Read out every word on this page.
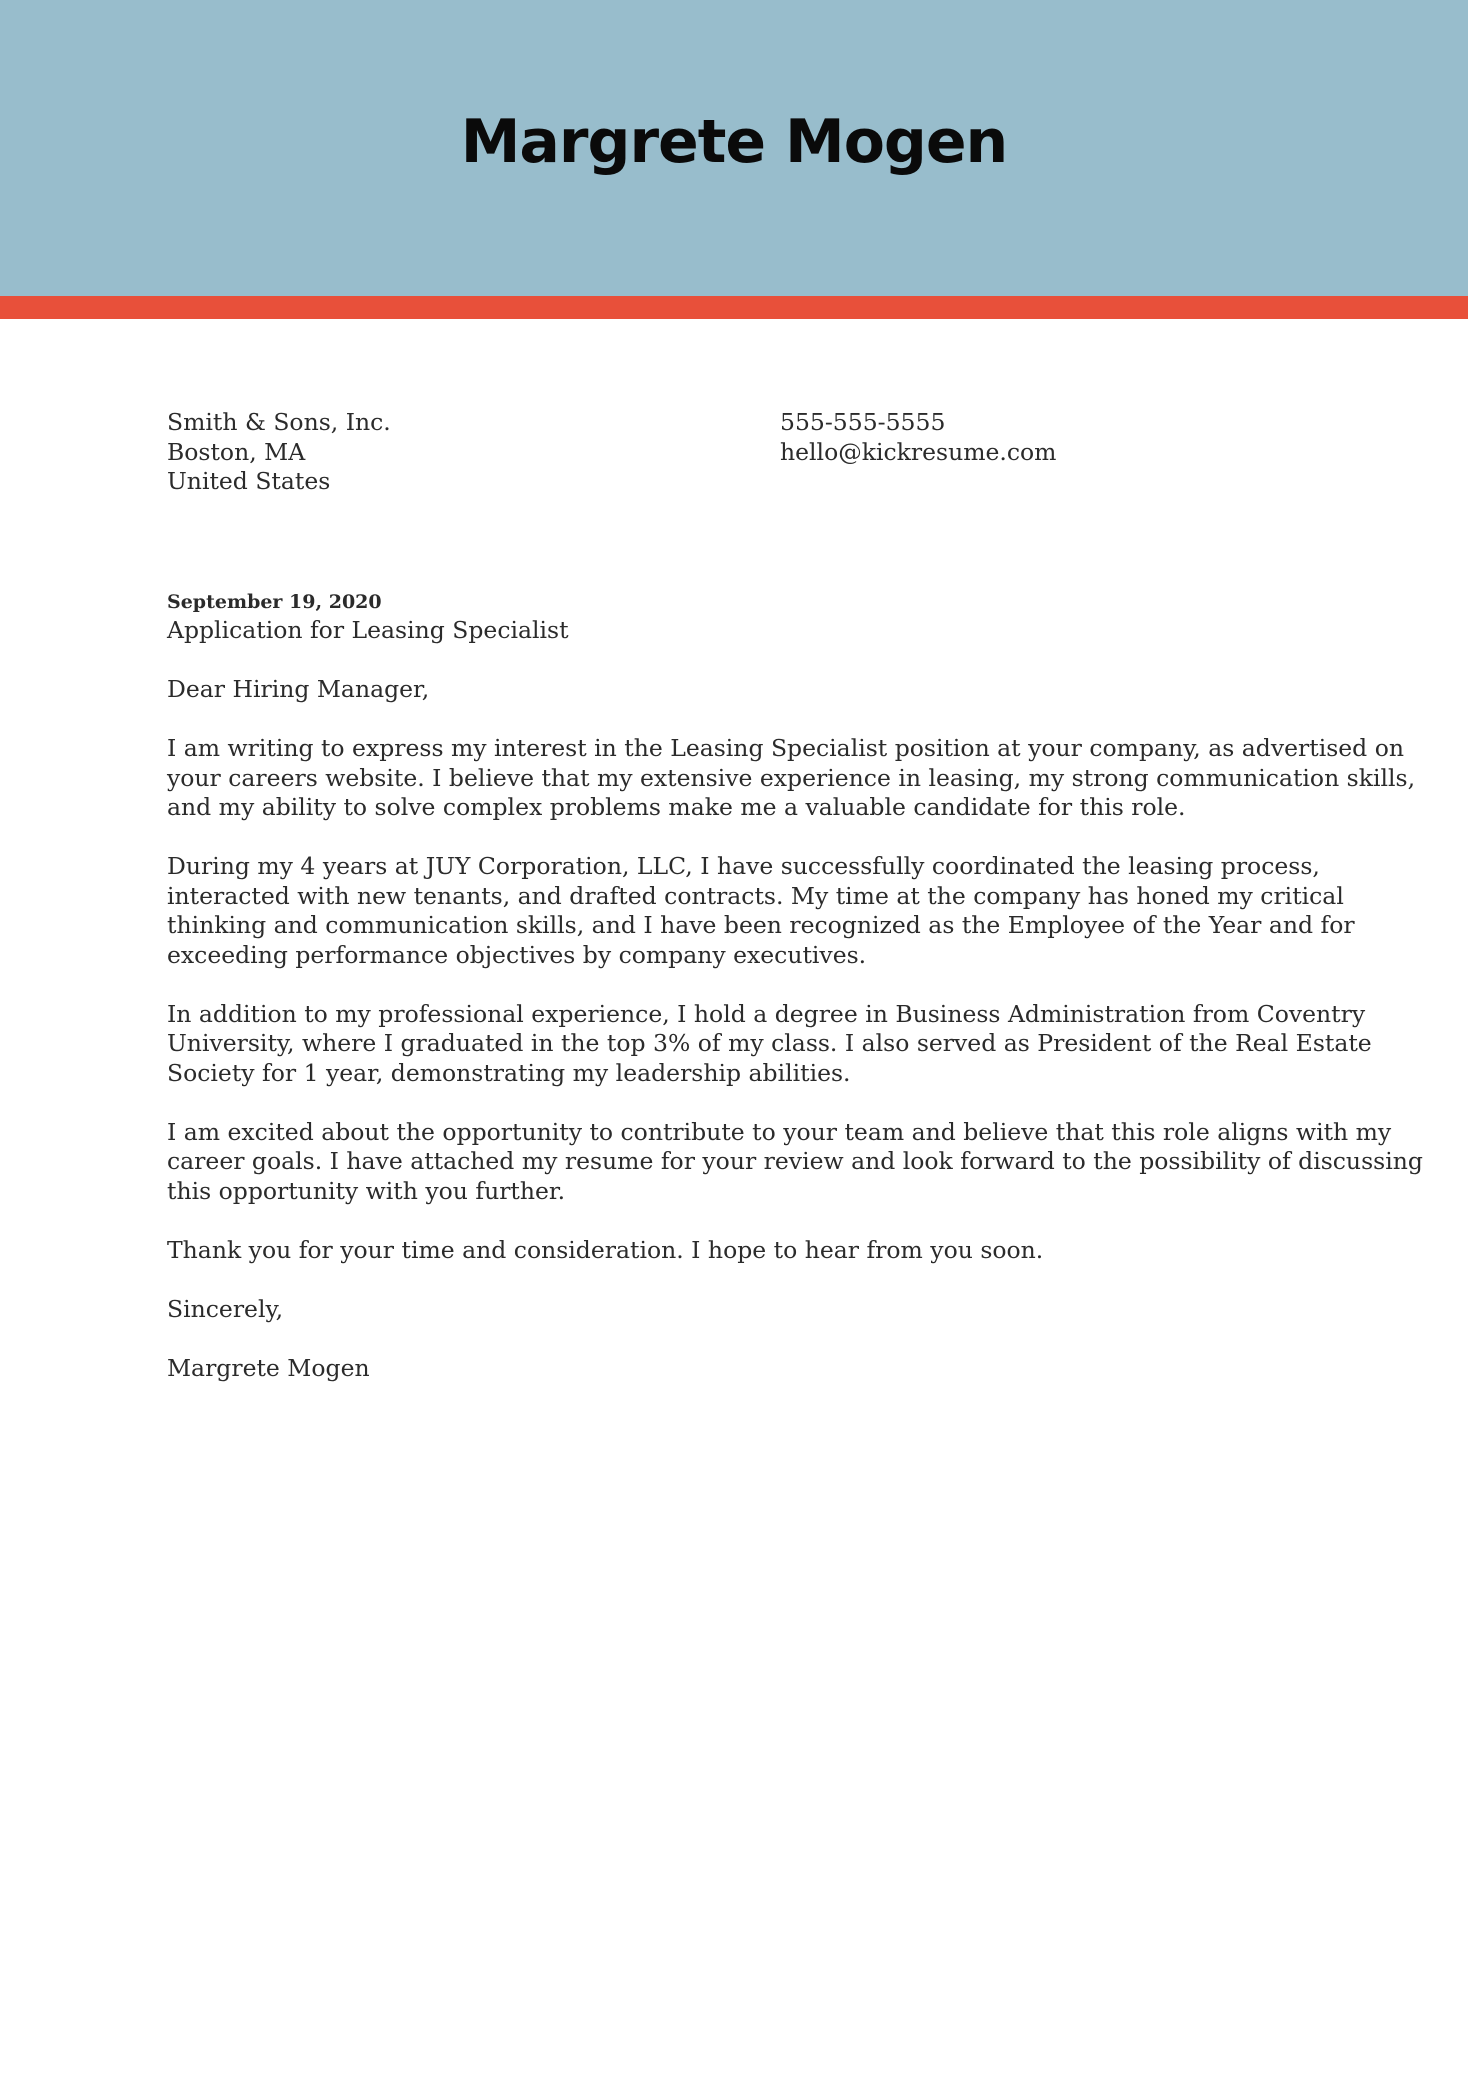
Margrete Mogen
Smith & Sons, Inc.
Boston, MA
United States
555-555-5555
hello@kickresume.com
September 19, 2020
Application for Leasing Specialist

Dear Hiring Manager,

I am writing to express my interest in the Leasing Specialist position at your company, as advertised on
your careers website. I believe that my extensive experience in leasing, my strong communication skills,
and my ability to solve complex problems make me a valuable candidate for this role.

During my 4 years at JUY Corporation, LLC, I have successfully coordinated the leasing process,
interacted with new tenants, and drafted contracts. My time at the company has honed my critical
thinking and communication skills, and I have been recognized as the Employee of the Year and for
exceeding performance objectives by company executives.

In addition to my professional experience, I hold a degree in Business Administration from Coventry
University, where I graduated in the top 3% of my class. I also served as President of the Real Estate
Society for 1 year, demonstrating my leadership abilities.

I am excited about the opportunity to contribute to your team and believe that this role aligns with my
career goals. I have attached my resume for your review and look forward to the possibility of discussing
this opportunity with you further.

Thank you for your time and consideration. I hope to hear from you soon.

Sincerely,

Margrete Mogen
